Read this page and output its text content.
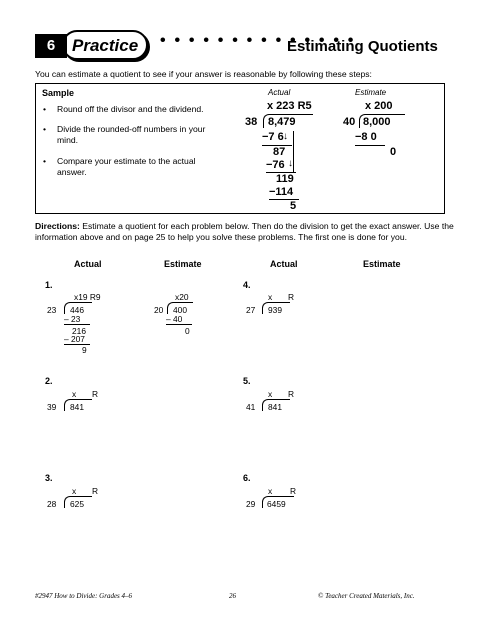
6 Practice • • • • • • • • • • • • • •
Estimating Quotients
You can estimate a quotient to see if your answer is reasonable by following these steps:
Sample
• Round off the divisor and the dividend.
• Divide the rounded-off numbers in your mind.
• Compare your estimate to the actual answer.
Actual	Estimate
x 223 R5
38 8,479
−7 6 ↓
87
−76 ↓
119
−114
5
x 200
40 8,000
−8 0
0
Directions: Estimate a quotient for each problem below. Then do the division to get the exact answer. Use the information above and on page 25 to help you solve these problems. The first one is done for you.
Actual	Estimate	Actual	Estimate
1.
x19 R9
23 446
– 23
216
– 207
9
x20
20 400
– 40
0
2.
x R
39 841
3.
x R
28 625
4.
x R
27 939
5.
x R
41 841
6.
x R
29 6459
#2947 How to Divide: Grades 4–6	26	© Teacher Created Materials, Inc.
